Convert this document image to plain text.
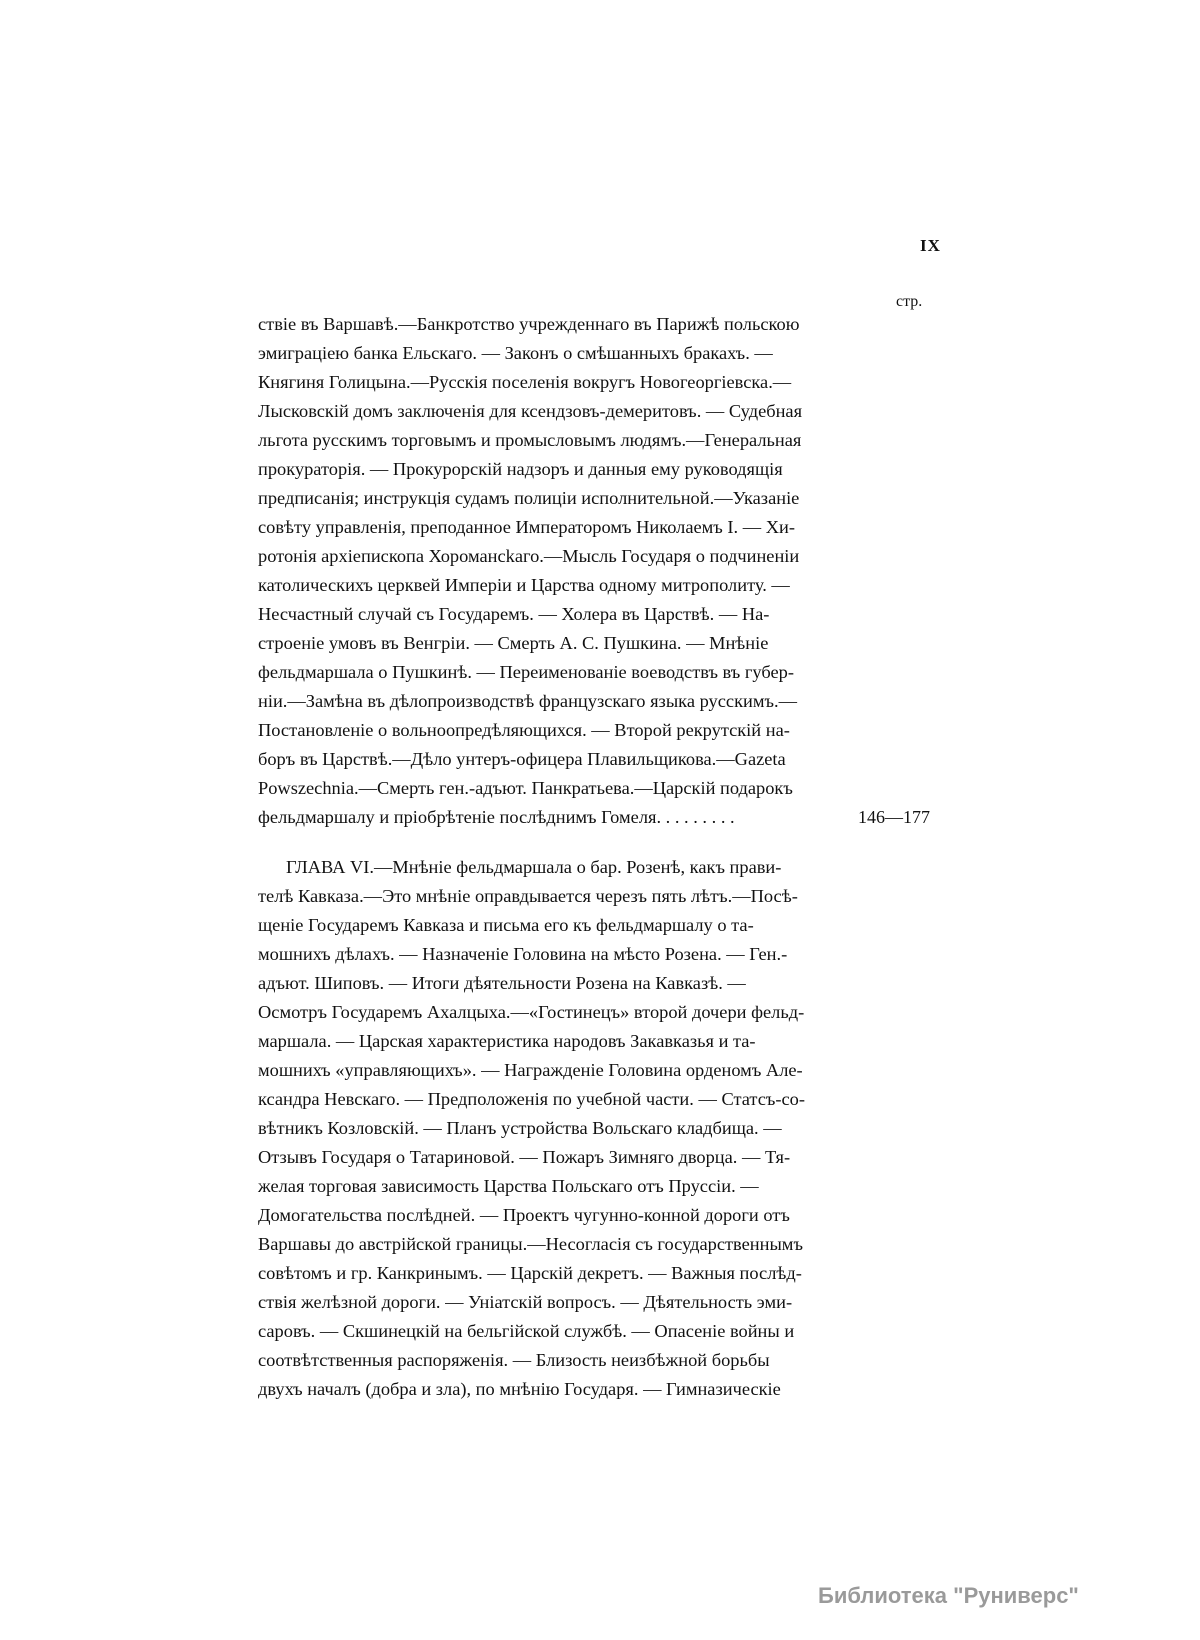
IX
стр.
ствіе въ Варшавѣ.—Банкротство учрежденнаго въ Парижѣ польскою
эмиграціею банка Ельскаго. — Законъ о смѣшанныхъ бракахъ. —
Княгиня Голицына.—Русскія поселенія вокругъ Новогеоргіевска.—
Лысковскій домъ заключенія для ксендзовъ-демеритовъ. — Судебная
льгота русскимъ торговымъ и промысловымъ людямъ.—Генеральная
прокураторія. — Прокурорскій надзоръ и данныя ему руководящія
предписанія; инструкція судамъ полиціи исполнительной.—Указаніе
совѣту управленія, преподанное Императоромъ Николаемъ I. — Хи-
ротонія архіепископа Хоромансkаго.—Мысль Государя о подчиненіи
католическихъ церквей Имперіи и Царства одному митрополиту. —
Несчастный случай съ Государемъ. — Холера въ Царствѣ. — На-
строеніе умовъ въ Венгріи. — Смерть А. С. Пушкина. — Мнѣніе
фельдмаршала о Пушкинѣ. — Переименованіе воеводствъ въ губер-
ніи.—Замѣна въ дѣлопроизводствѣ французскаго языка русскимъ.—
Постановленіе о вольноопредѣляющихся. — Второй рекрутскій на-
боръ въ Царствѣ.—Дѣло унтеръ-офицера Плавильщикова.—Gazeta
Powszechnia.—Смерть ген.-адъют. Панкратьева.—Царскій подарокъ
фельдмаршалу и пріобрѣтеніе послѣднимъ Гомеля. . . . . . . . .	146—177
ГЛАВА VI.—Мнѣніе фельдмаршала о бар. Розенѣ, какъ прави-
телѣ Кавказа.—Это мнѣніе оправдывается черезъ пять лѣтъ.—Посѣ-
щеніе Государемъ Кавказа и письма его къ фельдмаршалу о та-
мошнихъ дѣлахъ. — Назначеніе Головина на мѣсто Розена. — Ген.-
адъют. Шиповъ. — Итоги дѣятельности Розена на Кавказѣ. —
Осмотръ Государемъ Ахалцыха.—«Гостинецъ» второй дочери фельд-
маршала. — Царская характеристика народовъ Закавказья и та-
мошнихъ «управляющихъ». — Награжденіе Головина орденомъ Але-
ксандра Невскаго. — Предположенія по учебной части. — Статсъ-со-
вѣтникъ Козловскій. — Планъ устройства Вольскаго кладбища. —
Отзывъ Государя о Татариновой. — Пожаръ Зимняго дворца. — Тя-
желая торговая зависимость Царства Польскаго отъ Пруссіи. —
Домогательства послѣдней. — Проектъ чугунно-конной дороги отъ
Варшавы до австрійской границы.—Несогласія съ государственнымъ
совѣтомъ и гр. Канкринымъ. — Царскій декретъ. — Важныя послѣд-
ствія желѣзной дороги. — Уніатскій вопросъ. — Дѣятельность эми-
саровъ. — Скшинецкій на бельгійской службѣ. — Опасеніе войны и
соотвѣтственныя распоряженія. — Близость неизбѣжной борьбы
двухъ началъ (добра и зла), по мнѣнію Государя. — Гимназическіе
Библиотека "Руниверс"
